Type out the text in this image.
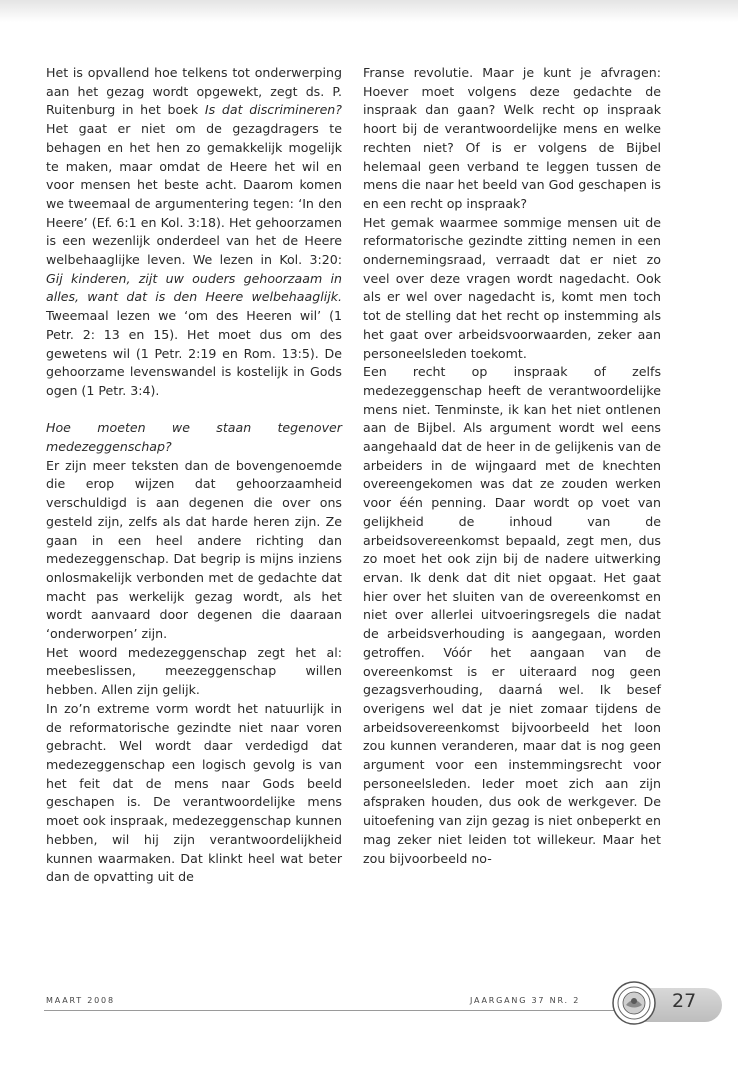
Het is opvallend hoe telkens tot onderwerping aan het gezag wordt opgewekt, zegt ds. P. Ruitenburg in het boek Is dat discrimineren? Het gaat er niet om de gezagdragers te behagen en het hen zo gemakkelijk mogelijk te maken, maar omdat de Heere het wil en voor mensen het beste acht. Daarom komen we tweemaal de argumentering tegen: ‘In den Heere’ (Ef. 6:1 en Kol. 3:18). Het gehoorzamen is een wezenlijk onderdeel van het de Heere welbehaaglijke leven. We lezen in Kol. 3:20: Gij kinderen, zijt uw ouders gehoorzaam in alles, want dat is den Heere welbehaaglijk. Tweemaal lezen we ‘om des Heeren wil’ (1 Petr. 2: 13 en 15). Het moet dus om des gewetens wil (1 Petr. 2:19 en Rom. 13:5). De gehoorzame levenswandel is kostelijk in Gods ogen (1 Petr. 3:4).

Hoe moeten we staan tegenover medezeggenschap?

Er zijn meer teksten dan de bovengenoemde die erop wijzen dat gehoorzaamheid verschuldigd is aan degenen die over ons gesteld zijn, zelfs als dat harde heren zijn. Ze gaan in een heel andere richting dan medezeggenschap. Dat begrip is mijns inziens onlosmakelijk verbonden met de gedachte dat macht pas werkelijk gezag wordt, als het wordt aanvaard door degenen die daaraan ‘onderworpen’ zijn.

Het woord medezeggenschap zegt het al: meebeslissen, meezeggenschap willen hebben. Allen zijn gelijk.

In zo’n extreme vorm wordt het natuurlijk in de reformatorische gezindte niet naar voren gebracht. Wel wordt daar verdedigd dat medezeggenschap een logisch gevolg is van het feit dat de mens naar Gods beeld geschapen is. De verantwoordelijke mens moet ook inspraak, medezeggenschap kunnen hebben, wil hij zijn verantwoordelijkheid kunnen waarmaken. Dat klinkt heel wat beter dan de opvatting uit de

Franse revolutie. Maar je kunt je afvragen: Hoever moet volgens deze gedachte de inspraak dan gaan? Welk recht op inspraak hoort bij de verantwoordelijke mens en welke rechten niet? Of is er volgens de Bijbel helemaal geen verband te leggen tussen de mens die naar het beeld van God geschapen is en een recht op inspraak?

Het gemak waarmee sommige mensen uit de reformatorische gezindte zitting nemen in een ondernemingsraad, verraadt dat er niet zo veel over deze vragen wordt nagedacht. Ook als er wel over nagedacht is, komt men toch tot de stelling dat het recht op instemming als het gaat over arbeidsvoorwaarden, zeker aan personeelsleden toekomt.

Een recht op inspraak of zelfs medezeggenschap heeft de verantwoordelijke mens niet. Tenminste, ik kan het niet ontlenen aan de Bijbel. Als argument wordt wel eens aangehaald dat de heer in de gelijkenis van de arbeiders in de wijngaard met de knechten overeengekomen was dat ze zouden werken voor één penning. Daar wordt op voet van gelijkheid de inhoud van de arbeidsovereenkomst bepaald, zegt men, dus zo moet het ook zijn bij de nadere uitwerking ervan. Ik denk dat dit niet opgaat. Het gaat hier over het sluiten van de overeenkomst en niet over allerlei uitvoeringsregels die nadat de arbeidsverhouding is aangegaan, worden getroffen. Vóór het aangaan van de overeenkomst is er uiteraard nog geen gezagsverhouding, daarná wel. Ik besef overigens wel dat je niet zomaar tijdens de arbeidsovereenkomst bijvoorbeeld het loon zou kunnen veranderen, maar dat is nog geen argument voor een instemmingsrecht voor personeelsleden. Ieder moet zich aan zijn afspraken houden, dus ook de werkgever. De uitoefening van zijn gezag is niet onbeperkt en mag zeker niet leiden tot willekeur. Maar het zou bijvoorbeeld no-

MAART 2008	JAARGANG 37 NR. 2	27
